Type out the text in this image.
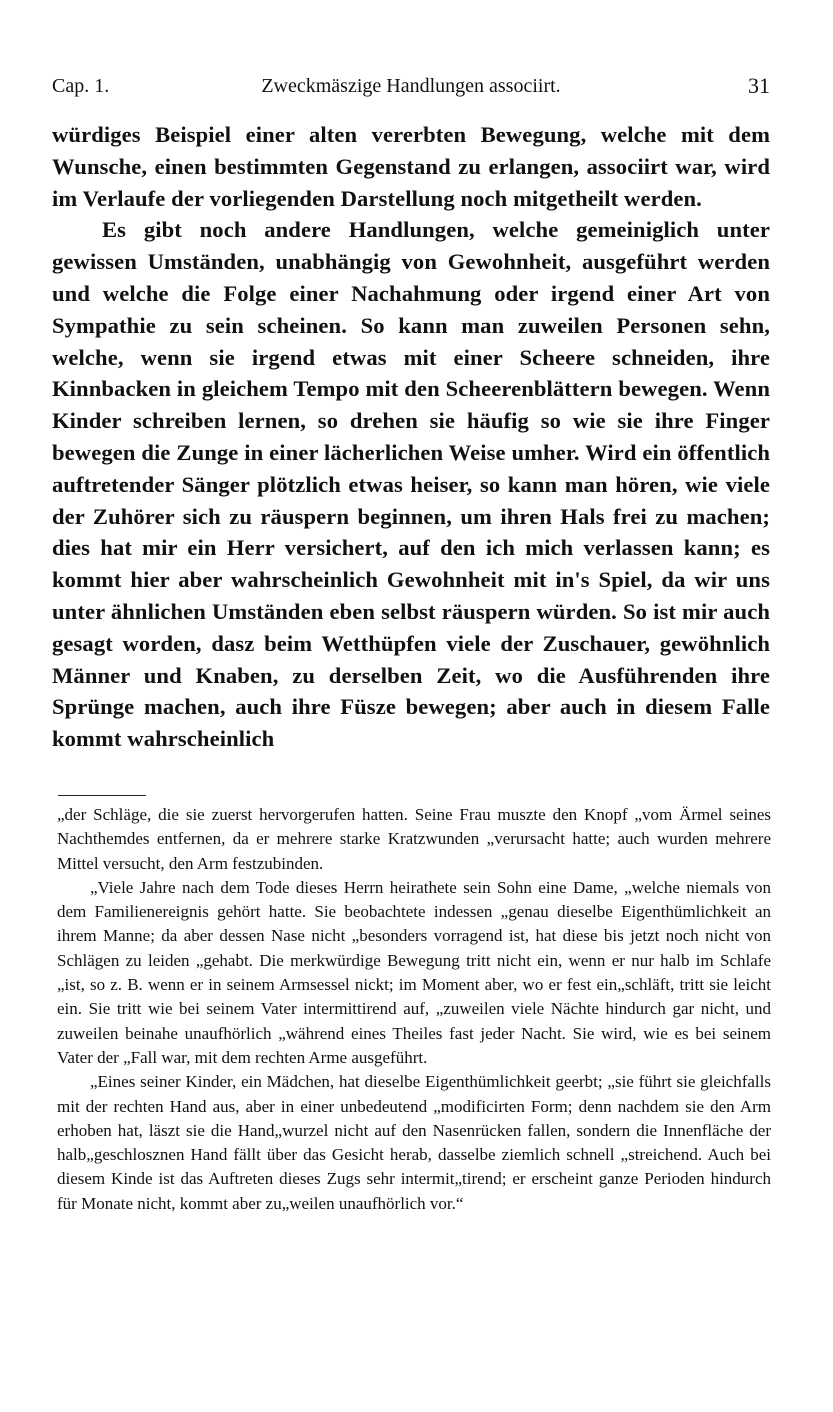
Cap. 1.	Zweckmäszige Handlungen associirt.	31

würdiges Beispiel einer alten vererbten Bewegung, welche mit dem Wunsche, einen bestimmten Gegenstand zu erlangen, associirt war, wird im Verlaufe der vorliegenden Darstellung noch mitgetheilt werden.

Es gibt noch andere Handlungen, welche gemeiniglich unter gewissen Umständen, unabhängig von Gewohnheit, ausgeführt werden und welche die Folge einer Nachahmung oder irgend einer Art von Sympathie zu sein scheinen. So kann man zuweilen Personen sehn, welche, wenn sie irgend etwas mit einer Scheere schneiden, ihre Kinnbacken in gleichem Tempo mit den Scheerenblättern bewegen. Wenn Kinder schreiben lernen, so drehen sie häufig so wie sie ihre Finger bewegen die Zunge in einer lächerlichen Weise umher. Wird ein öffentlich auftretender Sänger plötzlich etwas heiser, so kann man hören, wie viele der Zuhörer sich zu räuspern beginnen, um ihren Hals frei zu machen; dies hat mir ein Herr versichert, auf den ich mich verlassen kann; es kommt hier aber wahrscheinlich Gewohnheit mit in's Spiel, da wir uns unter ähnlichen Umständen eben selbst räuspern würden. So ist mir auch gesagt worden, dasz beim Wetthüpfen viele der Zuschauer, gewöhnlich Männer und Knaben, zu derselben Zeit, wo die Ausführenden ihre Sprünge machen, auch ihre Füsze bewegen; aber auch in diesem Falle kommt wahrscheinlich

„der Schläge, die sie zuerst hervorgerufen hatten. Seine Frau muszte den Knopf „vom Ärmel seines Nachthemdes entfernen, da er mehrere starke Kratzwunden „verursacht hatte; auch wurden mehrere Mittel versucht, den Arm festzubinden.

„Viele Jahre nach dem Tode dieses Herrn heirathete sein Sohn eine Dame, „welche niemals von dem Familienereignis gehört hatte. Sie beobachtete indessen „genau dieselbe Eigenthümlichkeit an ihrem Manne; da aber dessen Nase nicht „besonders vorragend ist, hat diese bis jetzt noch nicht von Schlägen zu leiden „gehabt. Die merkwürdige Bewegung tritt nicht ein, wenn er nur halb im Schlafe „ist, so z. B. wenn er in seinem Armsessel nickt; im Moment aber, wo er fest ein„schläft, tritt sie leicht ein. Sie tritt wie bei seinem Vater intermittirend auf, „zuweilen viele Nächte hindurch gar nicht, und zuweilen beinahe unaufhörlich „während eines Theiles fast jeder Nacht. Sie wird, wie es bei seinem Vater der „Fall war, mit dem rechten Arme ausgeführt.

„Eines seiner Kinder, ein Mädchen, hat dieselbe Eigenthümlichkeit geerbt; „sie führt sie gleichfalls mit der rechten Hand aus, aber in einer unbedeutend „modificirten Form; denn nachdem sie den Arm erhoben hat, läszt sie die Hand„wurzel nicht auf den Nasenrücken fallen, sondern die Innenfläche der halb„geschlosznen Hand fällt über das Gesicht herab, dasselbe ziemlich schnell „streichend. Auch bei diesem Kinde ist das Auftreten dieses Zugs sehr intermit„tirend; er erscheint ganze Perioden hindurch für Monate nicht, kommt aber zu„weilen unaufhörlich vor.“
